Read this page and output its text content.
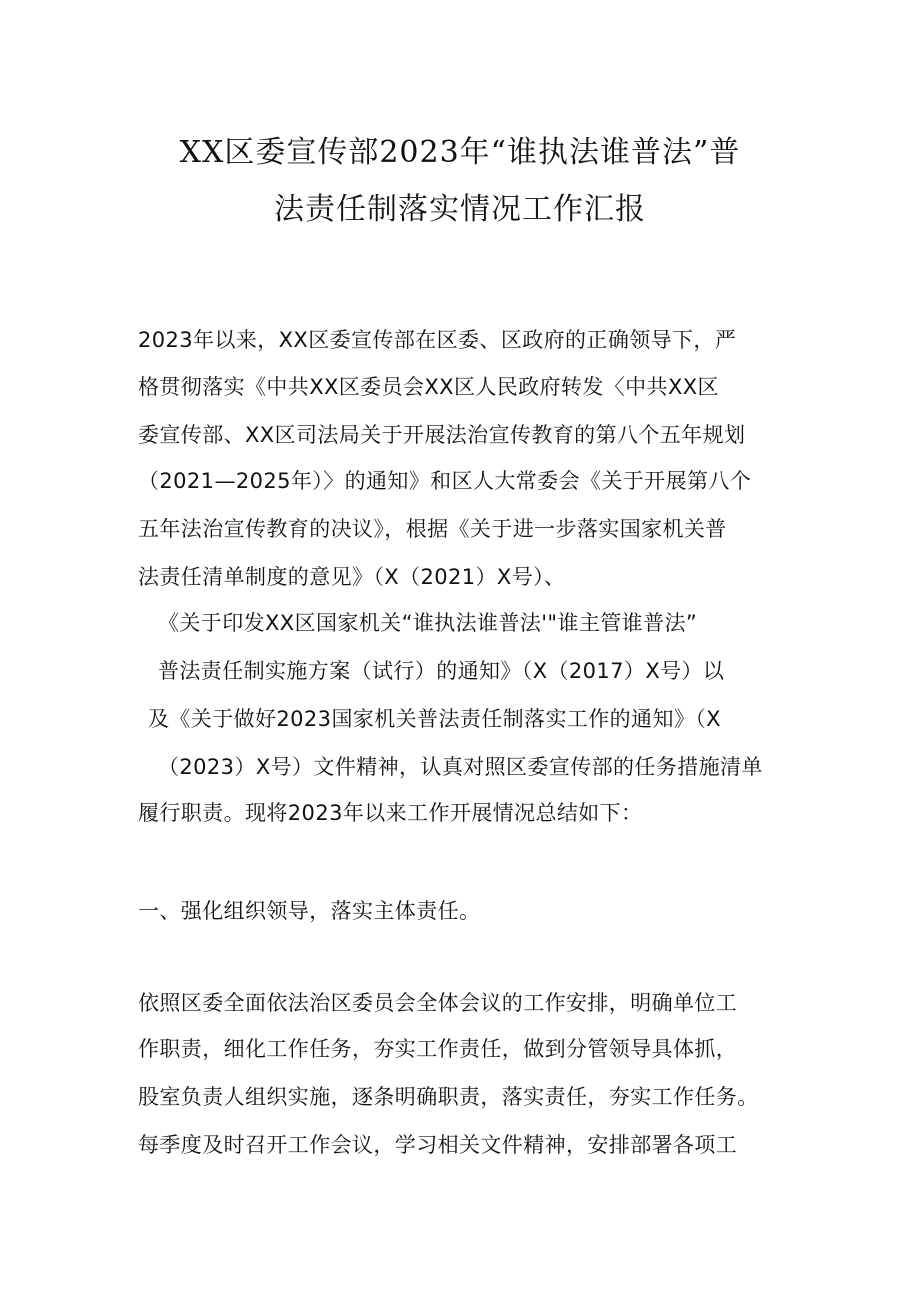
XX区委宣传部2023年“谁执法谁普法”普
法责任制落实情况工作汇报
2023年以来，XX区委宣传部在区委、区政府的正确领导下，严
格贯彻落实《中共XX区委员会XX区人民政府转发〈中共XX区
委宣传部、XX区司法局关于开展法治宣传教育的第八个五年规划
（2021—2025年）〉的通知》和区人大常委会《关于开展第八个
五年法治宣传教育的决议》，根据《关于进一步落实国家机关普
法责任清单制度的意见》（X（2021）X号）、
《关于印发XX区国家机关“谁执法谁普法'"谁主管谁普法”
普法责任制实施方案（试行）的通知》（X（2017）X号）以
及《关于做好2023国家机关普法责任制落实工作的通知》（X
（2023）X号）文件精神，认真对照区委宣传部的任务措施清单
履行职责。现将2023年以来工作开展情况总结如下：
一、强化组织领导，落实主体责任。
依照区委全面依法治区委员会全体会议的工作安排，明确单位工
作职责，细化工作任务，夯实工作责任，做到分管领导具体抓，
股室负责人组织实施，逐条明确职责，落实责任，夯实工作任务。
每季度及时召开工作会议，学习相关文件精神，安排部署各项工
